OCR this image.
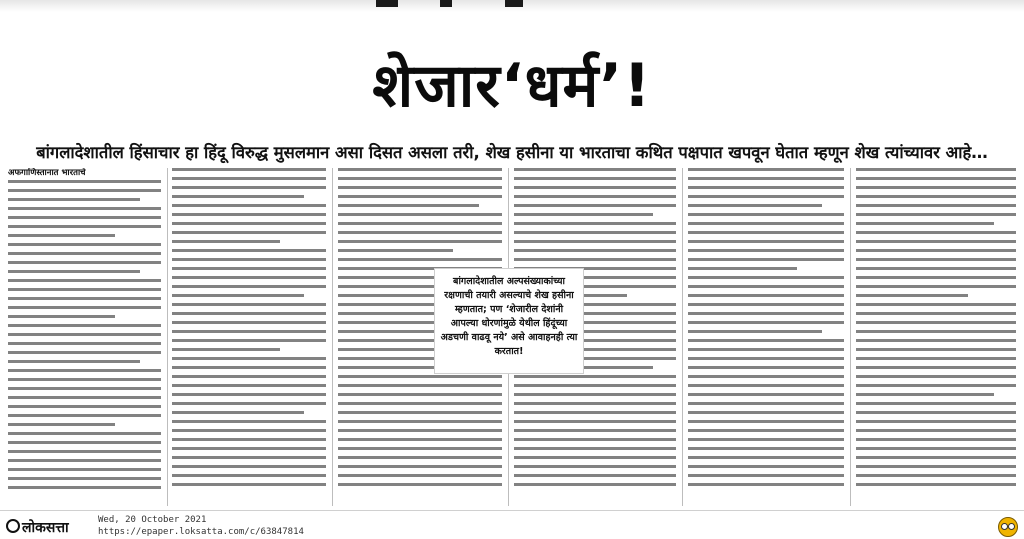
शेजार‘धर्म’!
बांगलादेशातील हिंसाचार हा हिंदू विरुद्ध मुसलमान असा दिसत असला तरी, शेख हसीना या भारताचा कथित पक्षपात खपवून घेतात म्हणून शेख त्यांच्यावर आहे…
अफगाणिस्तानात भारताचे

बांगलादेशातील अल्पसंख्याकांच्या रक्षणाची तयारी असल्याचे शेख हसीना म्हणतात; पण ‘शेजारील देशांनी आपल्या धोरणांमुळे येथील हिंदूंच्या अडचणी वाढवू नये’ असे आवाहनही त्या करतात!

लोकसत्ता	Wed, 20 October 2021
https://epaper.loksatta.com/c/63847814
